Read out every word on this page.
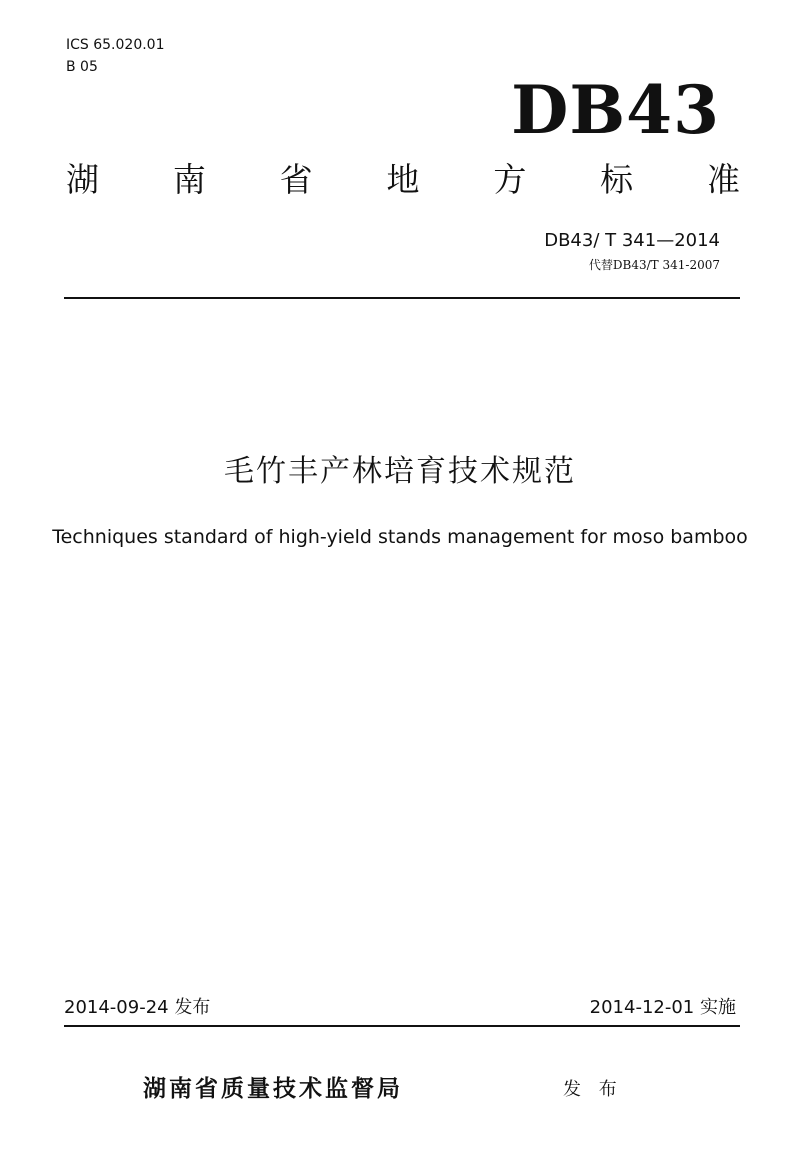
ICS 65.020.01
B 05
DB43
湖 南 省 地 方 标 准
DB43/ T 341—2014
代替DB43/T 341-2007
毛竹丰产林培育技术规范
Techniques standard of high-yield stands management for moso bamboo
2014-09-24 发布	2014-12-01 实施
湖南省质量技术监督局	发 布
